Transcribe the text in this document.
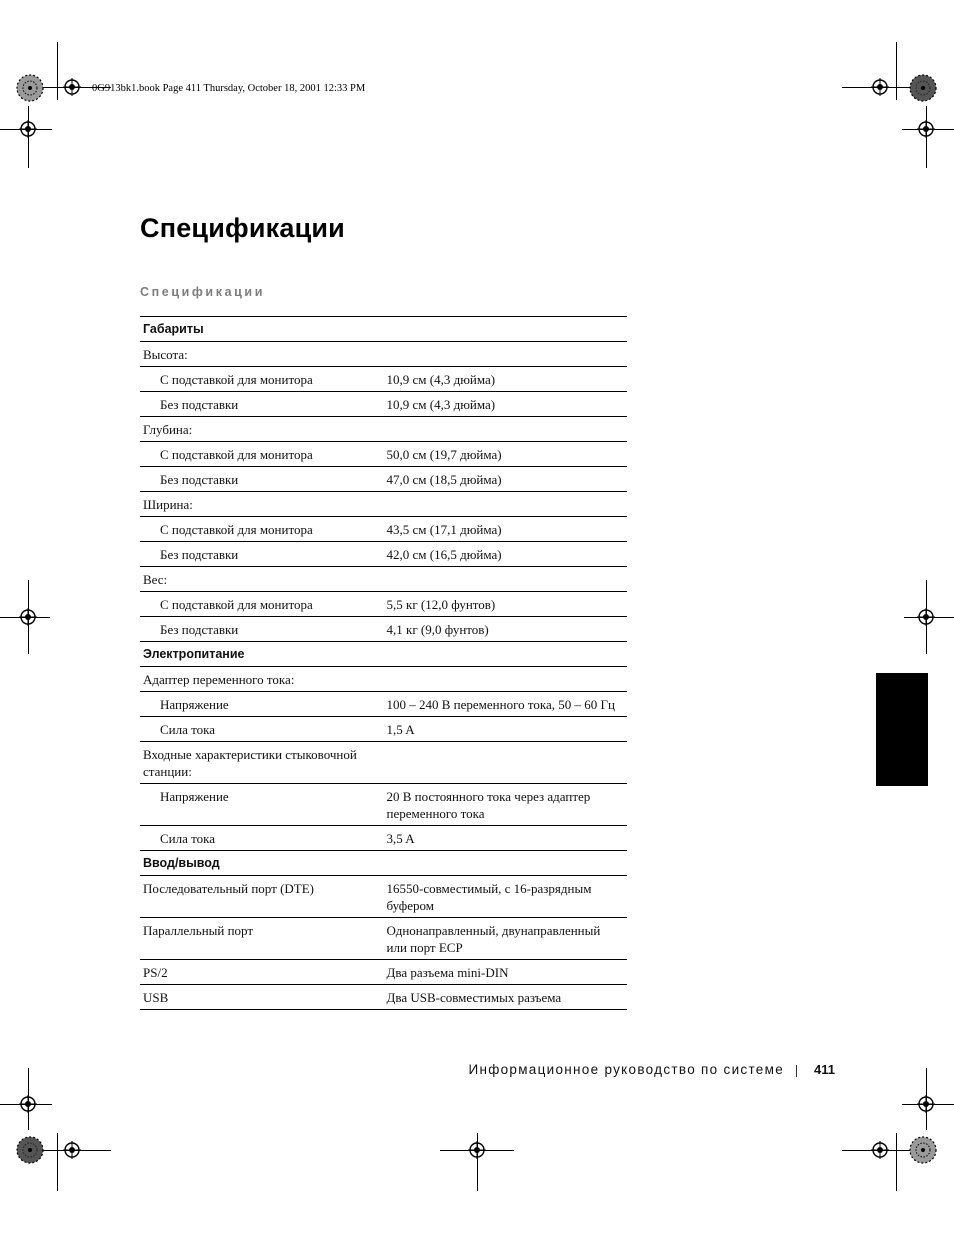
0G913bk1.book Page 411 Thursday, October 18, 2001 12:33 PM
Спецификации
Спецификации
Габариты	
Высота:	
С подставкой для монитора	10,9 см (4,3 дюйма)
Без подставки	10,9 см (4,3 дюйма)
Глубина:	
С подставкой для монитора	50,0 см (19,7 дюйма)
Без подставки	47,0 см (18,5 дюйма)
Ширина:	
С подставкой для монитора	43,5 см (17,1 дюйма)
Без подставки	42,0 см (16,5 дюйма)
Вес:	
С подставкой для монитора	5,5 кг (12,0 фунтов)
Без подставки	4,1 кг (9,0 фунтов)
Электропитание	
Адаптер переменного тока:	
Напряжение	100 – 240 В переменного тока, 50 – 60 Гц
Сила тока	1,5 A
Входные характеристики стыковочной станции:	
Напряжение	20 В постоянного тока через адаптер переменного тока
Сила тока	3,5 A
Ввод/вывод	
Последовательный порт (DTE)	16550-совместимый, с 16-разрядным буфером
Параллельный порт	Однонаправленный, двунаправленный или порт ECP
PS/2	Два разъема mini-DIN
USB	Два USB-совместимых разъема
Информационное руководство по системе 411
